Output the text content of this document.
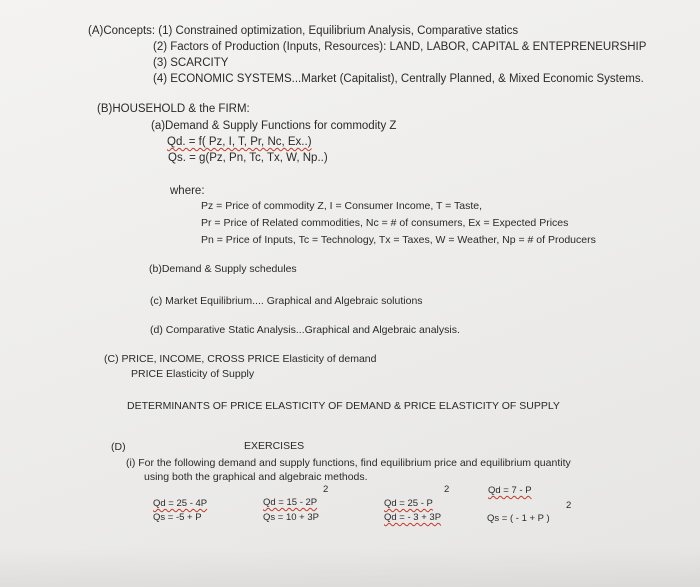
(A)Concepts: (1) Constrained optimization, Equilibrium Analysis, Comparative statics
(2) Factors of Production (Inputs, Resources): LAND, LABOR, CAPITAL & ENTEPRENEURSHIP
(3) SCARCITY
(4) ECONOMIC SYSTEMS...Market (Capitalist), Centrally Planned, & Mixed Economic Systems.
(B)HOUSEHOLD & the FIRM:
(a)Demand & Supply Functions for commodity Z
Qd. = f( Pz, I, T, Pr, Nc, Ex..)
Qs. = g(Pz, Pn, Tc, Tx, W, Np..)
where:
Pz = Price of commodity Z, I = Consumer Income, T = Taste,
Pr = Price of Related commodities, Nc = # of consumers, Ex = Expected Prices
Pn = Price of Inputs, Tc = Technology, Tx = Taxes, W = Weather, Np = # of Producers
(b)Demand & Supply schedules
(c) Market Equilibrium.... Graphical and Algebraic solutions
(d) Comparative Static Analysis...Graphical and Algebraic analysis.
(C) PRICE, INCOME, CROSS PRICE Elasticity of demand
PRICE Elasticity of Supply
DETERMINANTS OF PRICE ELASTICITY OF DEMAND & PRICE ELASTICITY OF SUPPLY
(D)	EXERCISES
(i) For the following demand and supply functions, find equilibrium price and equilibrium quantity
using both the graphical and algebraic methods.
Qd = 25 - 4P
Qs = -5 + P
2
Qd = 15 - 2P
Qs = 10 + 3P
2
Qd = 25 - P
Qd = - 3 + 3P
Qd = 7 - P
2
Qs = ( - 1 + P )
